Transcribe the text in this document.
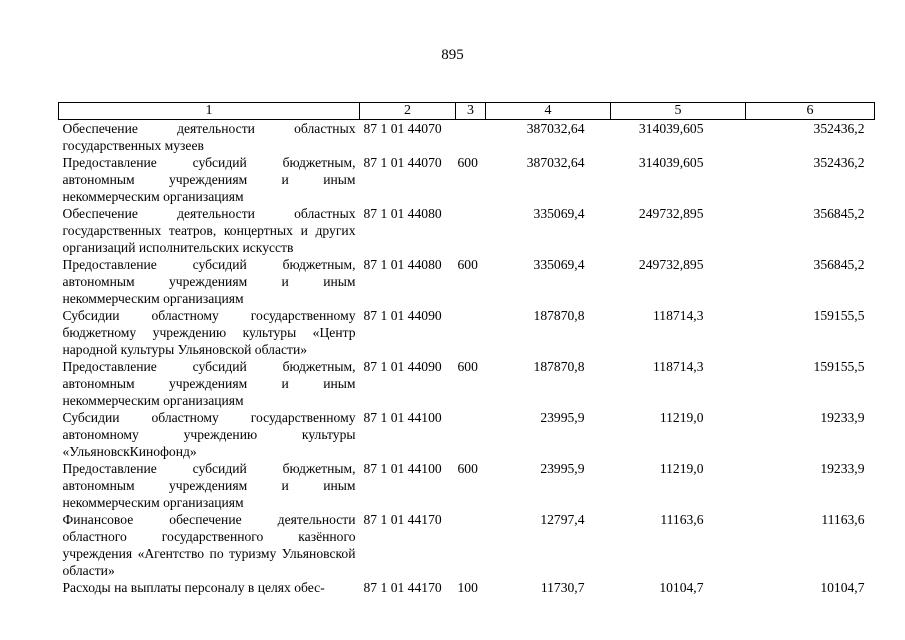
895
1	2	3	4	5	6
Обеспечение деятельности областных государственных музеев	87 1 01 44070		387032,64	314039,605	352436,2
Предоставление субсидий бюджетным, автономным учреждениям и иным некоммерческим организациям	87 1 01 44070	600	387032,64	314039,605	352436,2
Обеспечение деятельности областных государственных театров, концертных и других организаций исполнительских искусств	87 1 01 44080		335069,4	249732,895	356845,2
Предоставление субсидий бюджетным, автономным учреждениям и иным некоммерческим организациям	87 1 01 44080	600	335069,4	249732,895	356845,2
Субсидии областному государственному бюджетному учреждению культуры «Центр народной культуры Ульяновской области»	87 1 01 44090		187870,8	118714,3	159155,5
Предоставление субсидий бюджетным, автономным учреждениям и иным некоммерческим организациям	87 1 01 44090	600	187870,8	118714,3	159155,5
Субсидии областному государственному автономному учреждению культуры «УльяновскКинофонд»	87 1 01 44100		23995,9	11219,0	19233,9
Предоставление субсидий бюджетным, автономным учреждениям и иным некоммерческим организациям	87 1 01 44100	600	23995,9	11219,0	19233,9
Финансовое обеспечение деятельности областного государственного казённого учреждения «Агентство по туризму Ульяновской области»	87 1 01 44170		12797,4	11163,6	11163,6
Расходы на выплаты персоналу в целях обес-	87 1 01 44170	100	11730,7	10104,7	10104,7
